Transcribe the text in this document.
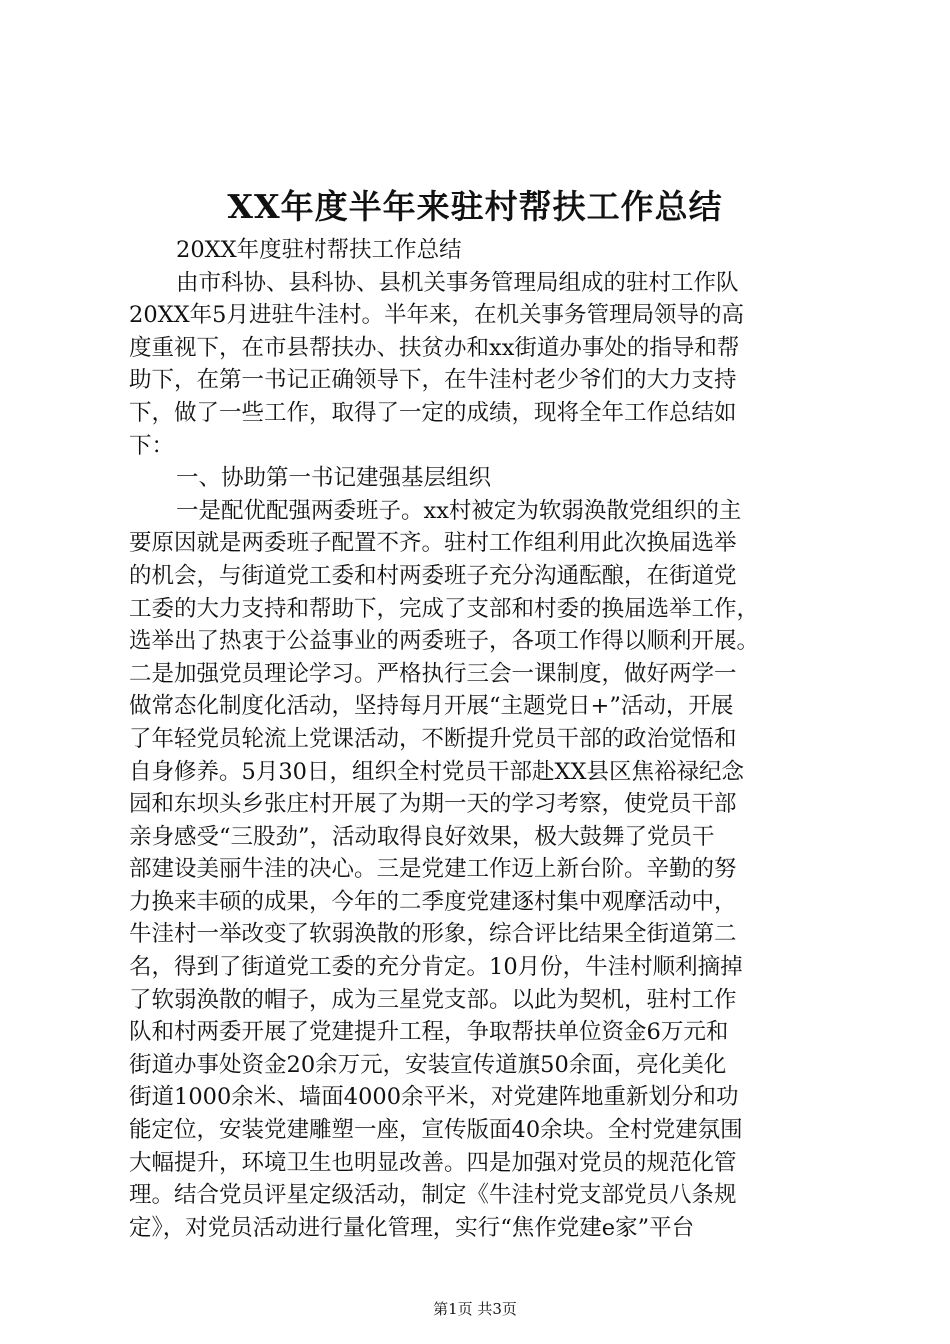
XX年度半年来驻村帮扶工作总结
20XX年度驻村帮扶工作总结
由市科协、县科协、县机关事务管理局组成的驻村工作队
20XX年5月进驻牛洼村。半年来，在机关事务管理局领导的高
度重视下，在市县帮扶办、扶贫办和xx街道办事处的指导和帮
助下，在第一书记正确领导下，在牛洼村老少爷们的大力支持
下，做了一些工作，取得了一定的成绩，现将全年工作总结如
下：
一、协助第一书记建强基层组织
一是配优配强两委班子。xx村被定为软弱涣散党组织的主
要原因就是两委班子配置不齐。驻村工作组利用此次换届选举
的机会，与街道党工委和村两委班子充分沟通酝酿，在街道党
工委的大力支持和帮助下，完成了支部和村委的换届选举工作，
选举出了热衷于公益事业的两委班子，各项工作得以顺利开展。
二是加强党员理论学习。严格执行三会一课制度，做好两学一
做常态化制度化活动，坚持每月开展“主题党日+”活动，开展
了年轻党员轮流上党课活动，不断提升党员干部的政治觉悟和
自身修养。5月30日，组织全村党员干部赴XX县区焦裕禄纪念
园和东坝头乡张庄村开展了为期一天的学习考察，使党员干部
亲身感受“三股劲”，活动取得良好效果，极大鼓舞了党员干
部建设美丽牛洼的决心。三是党建工作迈上新台阶。辛勤的努
力换来丰硕的成果，今年的二季度党建逐村集中观摩活动中，
牛洼村一举改变了软弱涣散的形象，综合评比结果全街道第二
名，得到了街道党工委的充分肯定。10月份，牛洼村顺利摘掉
了软弱涣散的帽子，成为三星党支部。以此为契机，驻村工作
队和村两委开展了党建提升工程，争取帮扶单位资金6万元和
街道办事处资金20余万元，安装宣传道旗50余面，亮化美化
街道1000余米、墙面4000余平米，对党建阵地重新划分和功
能定位，安装党建雕塑一座，宣传版面40余块。全村党建氛围
大幅提升，环境卫生也明显改善。四是加强对党员的规范化管
理。结合党员评星定级活动，制定《牛洼村党支部党员八条规
定》，对党员活动进行量化管理，实行“焦作党建e家”平台
第1页 共3页
